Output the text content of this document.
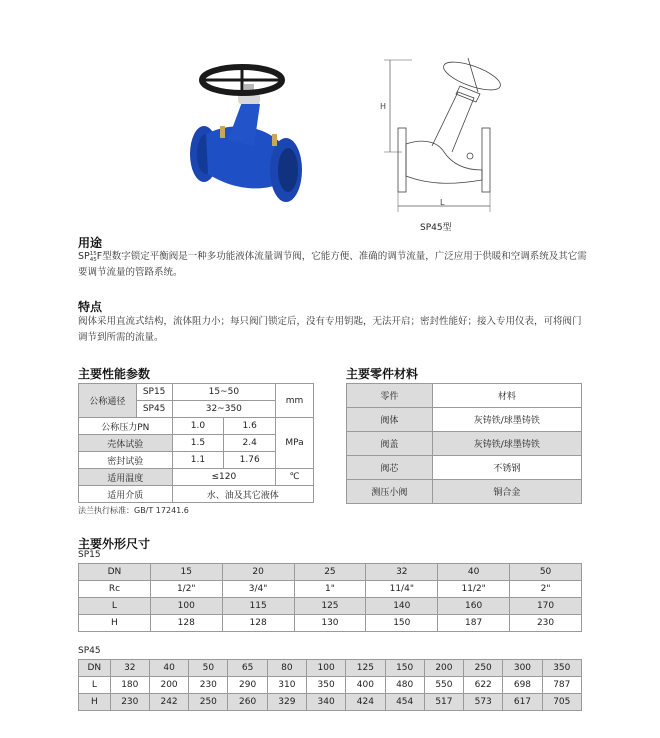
H
L
SP45型
用途
SP 15
45 F型数字锁定平衡阀是一种多功能液体流量调节阀，它能方便、准确的调节流量，广泛应用于供暖和空调系统及其它需要调节流量的管路系统。
特点
阀体采用直流式结构，流体阻力小；每只阀门锁定后，没有专用钥匙，无法开启；密封性能好；接入专用仪表，可将阀门调节到所需的流量。
主要性能参数
公称通径	SP15	15~50		mm
	SP45	32~350		
公称压力PN		1.0	1.6	MPa
壳体试验		1.5	2.4	
密封试验		1.1	1.76	
适用温度		≤120		℃
适用介质		水、油及其它液体		
法兰执行标准：GB/T 17241.6
主要零件材料
零件	材料
阀体	灰铸铁/球墨铸铁
阀盖	灰铸铁/球墨铸铁
阀芯	不锈钢
测压小阀	铜合金
主要外形尺寸
SP15
DN	15	20	25	32	40	50
Rc	1/2"	3/4"	1"	11/4"	11/2"	2"
L	100	115	125	140	160	170
H	128	128	130	150	187	230
SP45
DN	32	40	50	65	80	100	125	150	200	250	300	350
L	180	200	230	290	310	350	400	480	550	622	698	787
H	230	242	250	260	329	340	424	454	517	573	617	705
